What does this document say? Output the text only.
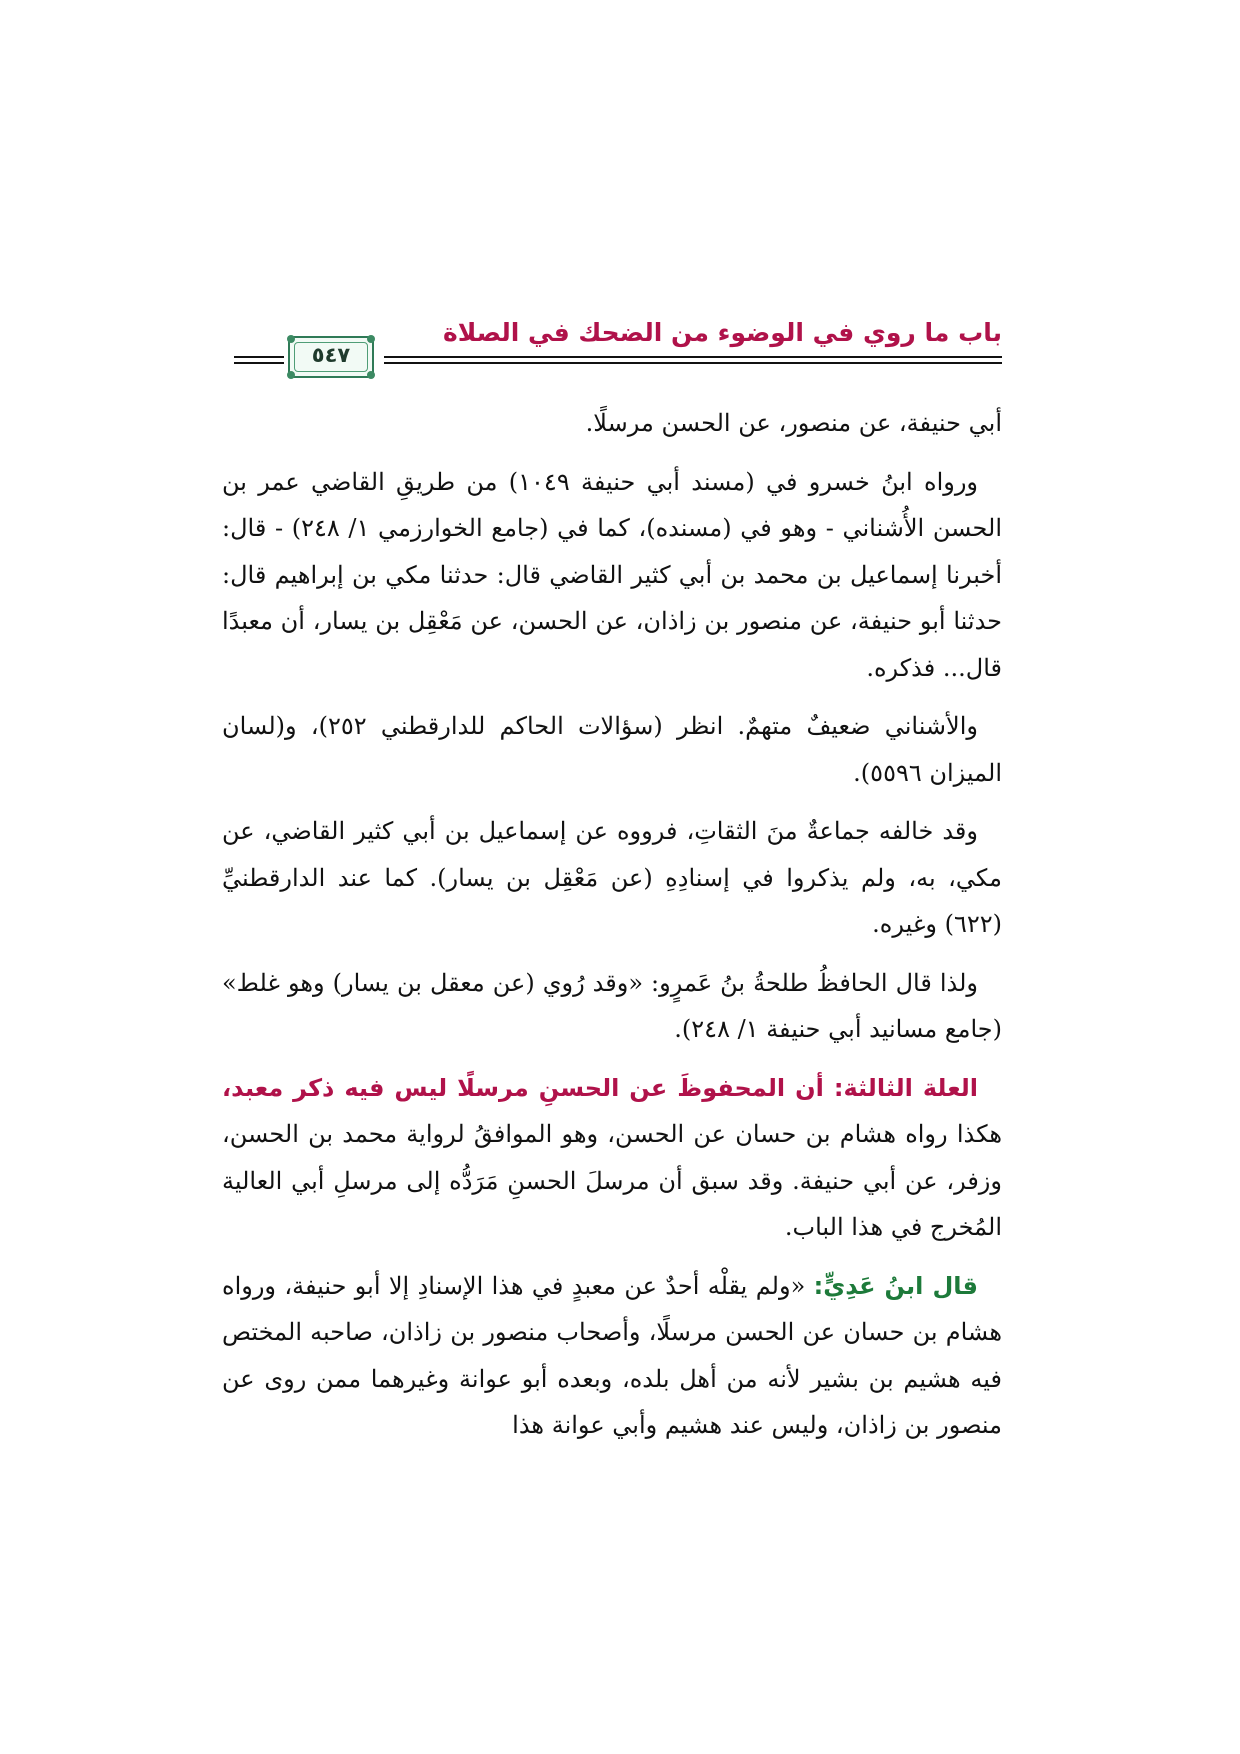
باب ما روي في الوضوء من الضحك في الصلاة
٥٤٧

أبي حنيفة، عن منصور، عن الحسن مرسلًا.

ورواه ابنُ خسرو في (مسند أبي حنيفة ١٠٤٩) من طريقِ القاضي عمر بن الحسن الأُشناني - وهو في (مسنده)، كما في (جامع الخوارزمي ١/ ٢٤٨) - قال: أخبرنا إسماعيل بن محمد بن أبي كثير القاضي قال: حدثنا مكي بن إبراهيم قال: حدثنا أبو حنيفة، عن منصور بن زاذان، عن الحسن، عن مَعْقِل بن يسار، أن معبدًا قال... فذكره.

والأشناني ضعيفٌ متهمٌ. انظر (سؤالات الحاكم للدارقطني ٢٥٢)، و(لسان الميزان ٥٥٩٦).

وقد خالفه جماعةٌ منَ الثقاتِ، فرووه عن إسماعيل بن أبي كثير القاضي، عن مكي، به، ولم يذكروا في إسنادِهِ (عن مَعْقِل بن يسار). كما عند الدارقطنيِّ (٦٢٢) وغيره.

ولذا قال الحافظُ طلحةُ بنُ عَمرٍو: «وقد رُوي (عن معقل بن يسار) وهو غلط» (جامع مسانيد أبي حنيفة ١/ ٢٤٨).

العلة الثالثة: أن المحفوظَ عن الحسنِ مرسلًا ليس فيه ذكر معبد، هكذا رواه هشام بن حسان عن الحسن، وهو الموافقُ لرواية محمد بن الحسن، وزفر، عن أبي حنيفة. وقد سبق أن مرسلَ الحسنِ مَرَدُّه إلى مرسلِ أبي العالية المُخرج في هذا الباب.

قال ابنُ عَدِيٍّ: «ولم يقلْه أحدٌ عن معبدٍ في هذا الإسنادِ إلا أبو حنيفة، ورواه هشام بن حسان عن الحسن مرسلًا، وأصحاب منصور بن زاذان، صاحبه المختص فيه هشيم بن بشير لأنه من أهل بلده، وبعده أبو عوانة وغيرهما ممن روى عن منصور بن زاذان، وليس عند هشيم وأبي عوانة هذا
